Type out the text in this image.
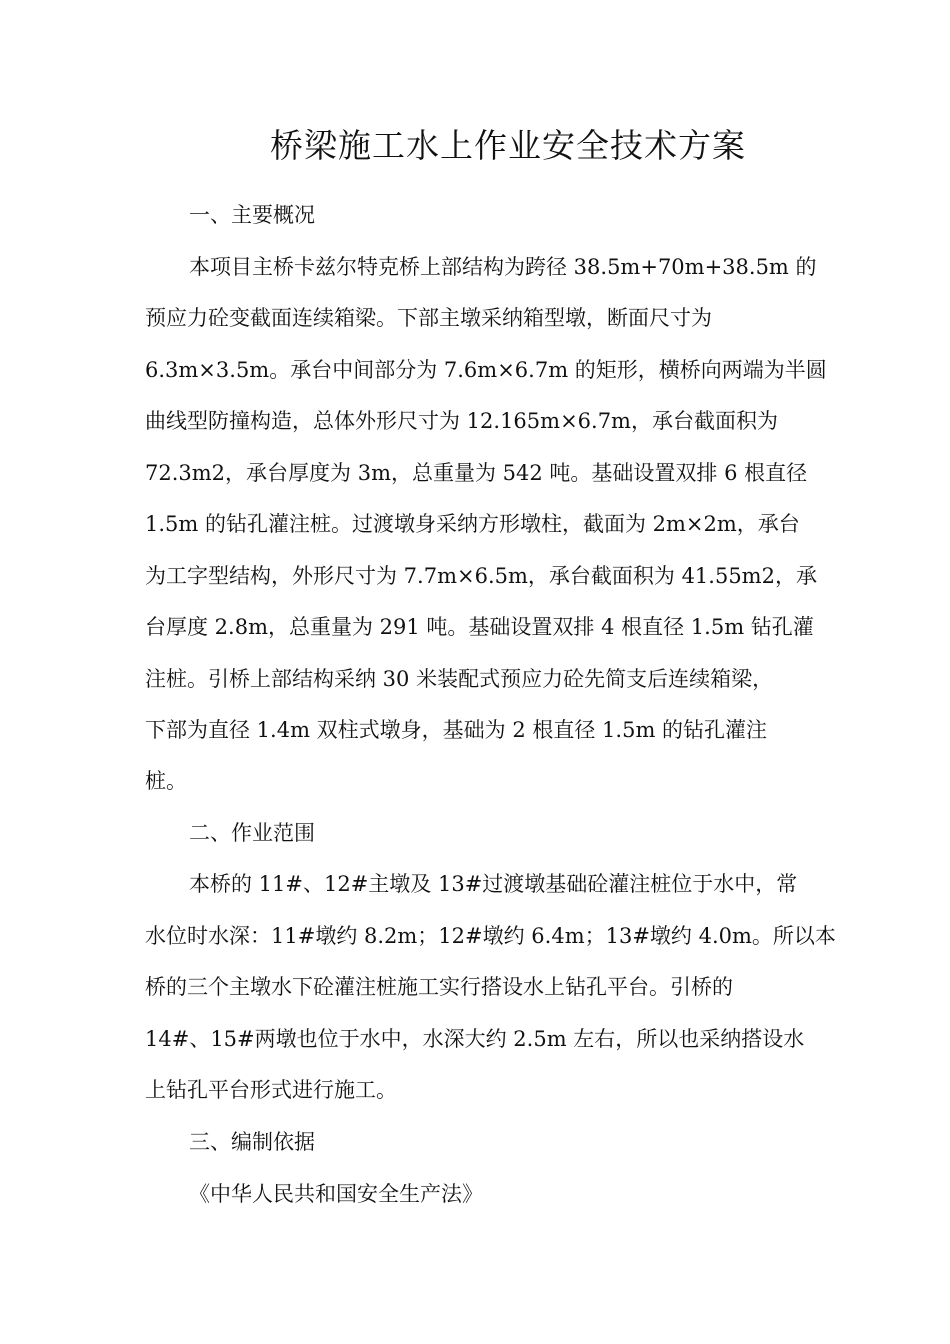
桥梁施工水上作业安全技术方案
一、主要概况
本项目主桥卡兹尔特克桥上部结构为跨径 38.5m+70m+38.5m 的
预应力砼变截面连续箱梁。下部主墩采纳箱型墩，断面尺寸为
6.3m×3.5m。承台中间部分为 7.6m×6.7m 的矩形，横桥向两端为半圆
曲线型防撞构造，总体外形尺寸为 12.165m×6.7m，承台截面积为
72.3m2，承台厚度为 3m，总重量为 542 吨。基础设置双排 6 根直径
1.5m 的钻孔灌注桩。过渡墩身采纳方形墩柱，截面为 2m×2m，承台
为工字型结构，外形尺寸为 7.7m×6.5m，承台截面积为 41.55m2，承
台厚度 2.8m，总重量为 291 吨。基础设置双排 4 根直径 1.5m 钻孔灌
注桩。引桥上部结构采纳 30 米装配式预应力砼先简支后连续箱梁，
下部为直径 1.4m 双柱式墩身，基础为 2 根直径 1.5m 的钻孔灌注
桩。
二、作业范围
本桥的 11#、12#主墩及 13#过渡墩基础砼灌注桩位于水中，常
水位时水深：11#墩约 8.2m；12#墩约 6.4m；13#墩约 4.0m。所以本
桥的三个主墩水下砼灌注桩施工实行搭设水上钻孔平台。引桥的
14#、15#两墩也位于水中，水深大约 2.5m 左右，所以也采纳搭设水
上钻孔平台形式进行施工。
三、编制依据
《中华人民共和国安全生产法》
